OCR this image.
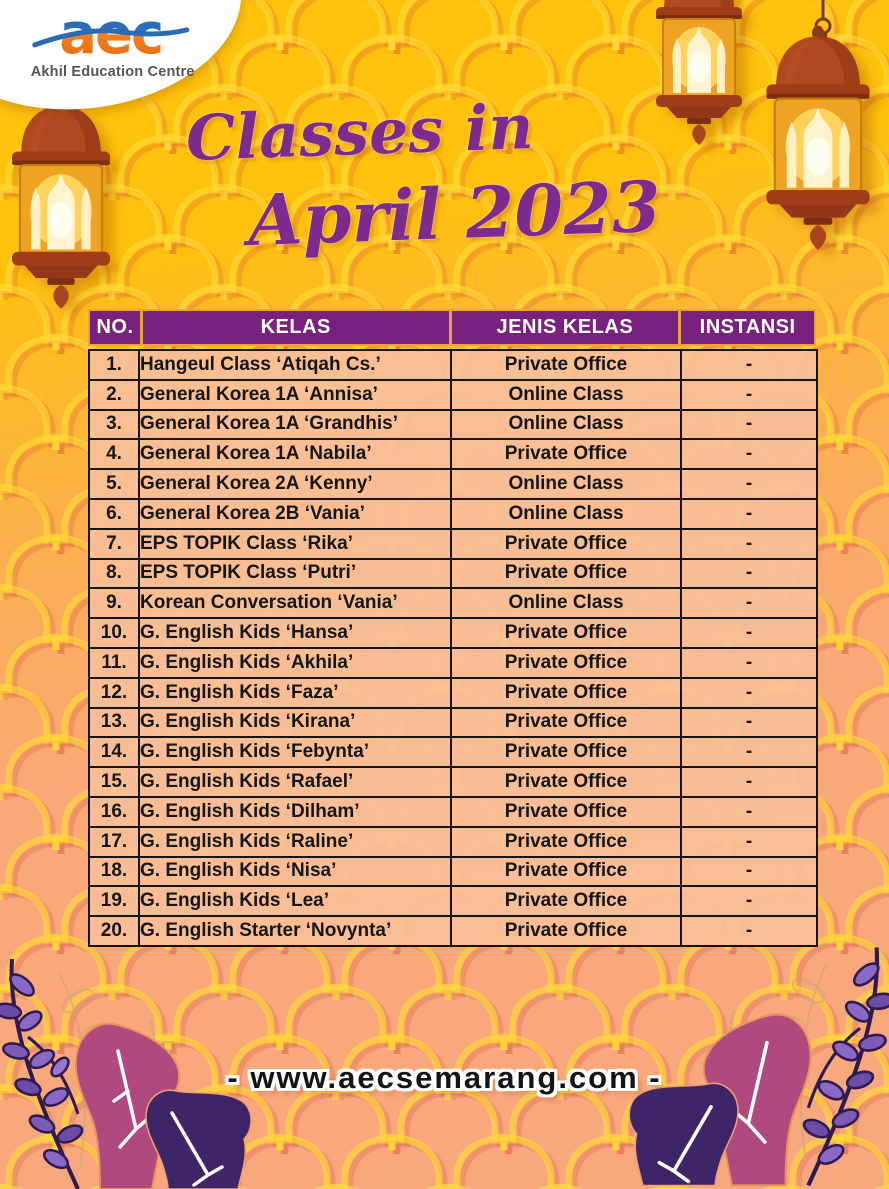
aec
Akhil Education Centre
Classes in
April 2023
NO.	KELAS	JENIS KELAS	INSTANSI
1.	Hangeul Class ‘Atiqah Cs.’	Private Office	-
2.	General Korea 1A ‘Annisa’	Online Class	-
3.	General Korea 1A ‘Grandhis’	Online Class	-
4.	General Korea 1A ‘Nabila’	Private Office	-
5.	General Korea 2A ‘Kenny’	Online Class	-
6.	General Korea 2B ‘Vania’	Online Class	-
7.	EPS TOPIK Class ‘Rika’	Private Office	-
8.	EPS TOPIK Class ‘Putri’	Private Office	-
9.	Korean Conversation ‘Vania’	Online Class	-
10.	G. English Kids ‘Hansa’	Private Office	-
11.	G. English Kids ‘Akhila’	Private Office	-
12.	G. English Kids ‘Faza’	Private Office	-
13.	G. English Kids ‘Kirana’	Private Office	-
14.	G. English Kids ‘Febynta’	Private Office	-
15.	G. English Kids ‘Rafael’	Private Office	-
16.	G. English Kids ‘Dilham’	Private Office	-
17.	G. English Kids ‘Raline’	Private Office	-
18.	G. English Kids ‘Nisa’	Private Office	-
19.	G. English Kids ‘Lea’	Private Office	-
20.	G. English Starter ‘Novynta’	Private Office	-
- www.aecsemarang.com -
